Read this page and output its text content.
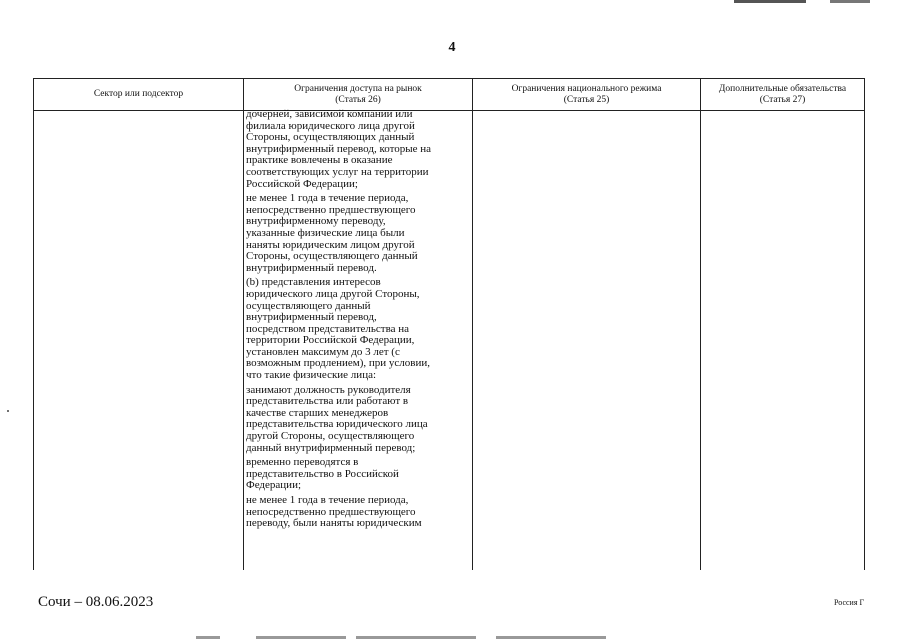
4
Сектор или подсектор
Ограничения доступа на рынок
(Статья 26)
Ограничения национального режима
(Статья 25)
Дополнительные обязательства
(Статья 27)
дочерней, зависимой компании или
филиала юридического лица другой
Стороны, осуществляющих данный
внутрифирменный перевод, которые на
практике вовлечены в оказание
соответствующих услуг на территории
Российской Федерации;
не менее 1 года в течение периода,
непосредственно предшествующего
внутрифирменному переводу,
указанные физические лица были
наняты юридическим лицом другой
Стороны, осуществляющего данный
внутрифирменный перевод.
(b) представления интересов
юридического лица другой Стороны,
осуществляющего данный
внутрифирменный перевод,
посредством представительства на
территории Российской Федерации,
установлен максимум до 3 лет (с
возможным продлением), при условии,
что такие физические лица:
занимают должность руководителя
представительства или работают в
качестве старших менеджеров
представительства юридического лица
другой Стороны, осуществляющего
данный внутрифирменный перевод;
временно переводятся в
представительство в Российской
Федерации;
не менее 1 года в течение периода,
непосредственно предшествующего
переводу, были наняты юридическим
Сочи – 08.06.2023	Россия Г
